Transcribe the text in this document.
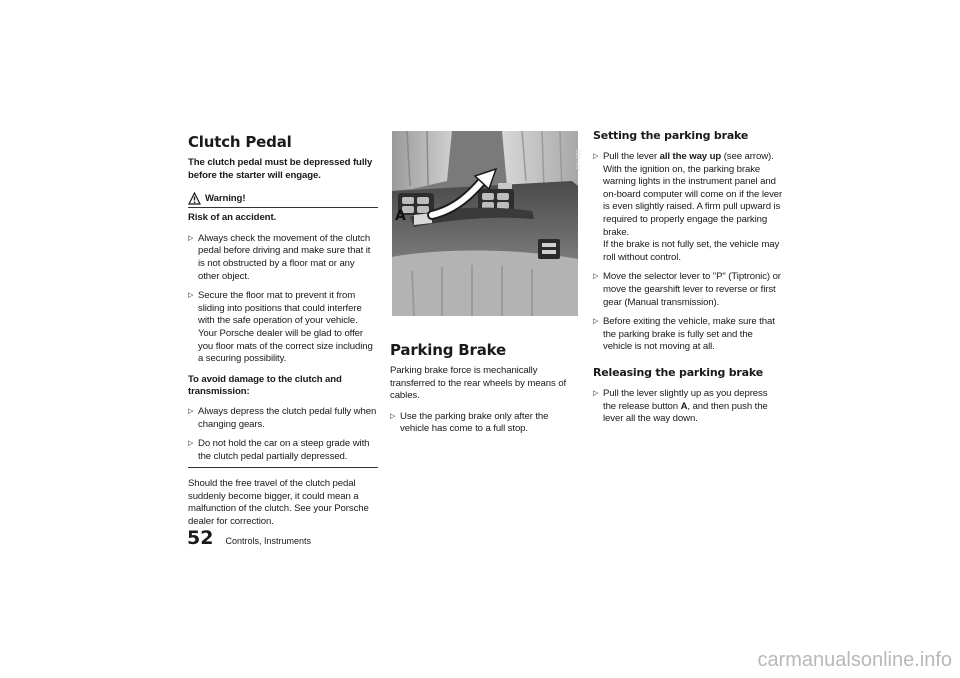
Clutch Pedal

The clutch pedal must be depressed fully before the starter will engage.

Warning!

Risk of an accident.

▷ Always check the movement of the clutch pedal before driving and make sure that it is not obstructed by a floor mat or any other object.

▷ Secure the floor mat to prevent it from sliding into positions that could interfere with the safe operation of your vehicle.

Your Porsche dealer will be glad to offer you floor mats of the correct size including a securing possibility.

To avoid damage to the clutch and transmission:

▷ Always depress the clutch pedal fully when changing gears.

▷ Do not hold the car on a steep grade with the clutch pedal partially depressed.

Should the free travel of the clutch pedal suddenly become bigger, it could mean a malfunction of the clutch. See your Porsche dealer for correction.

A
AIY 031
Parking Brake

Parking brake force is mechanically transferred to the rear wheels by means of cables.

▷ Use the parking brake only after the vehicle has come to a full stop.

Setting the parking brake
▷ Pull the lever all the way up (see arrow).

With the ignition on, the parking brake warning lights in the instrument panel and on-board computer will come on if the lever is even slightly raised. A firm pull upward is required to properly engage the parking brake.

If the brake is not fully set, the vehicle may roll without control.

▷ Move the selector lever to "P" (Tiptronic) or move the gearshift lever to reverse or first gear (Manual transmission).

▷ Before exiting the vehicle, make sure that the parking brake is fully set and the vehicle is not moving at all.

Releasing the parking brake
▷ Pull the lever slightly up as you depress the release button A, and then push the lever all the way down.

52 Controls, Instruments
carmanualsonline.info
